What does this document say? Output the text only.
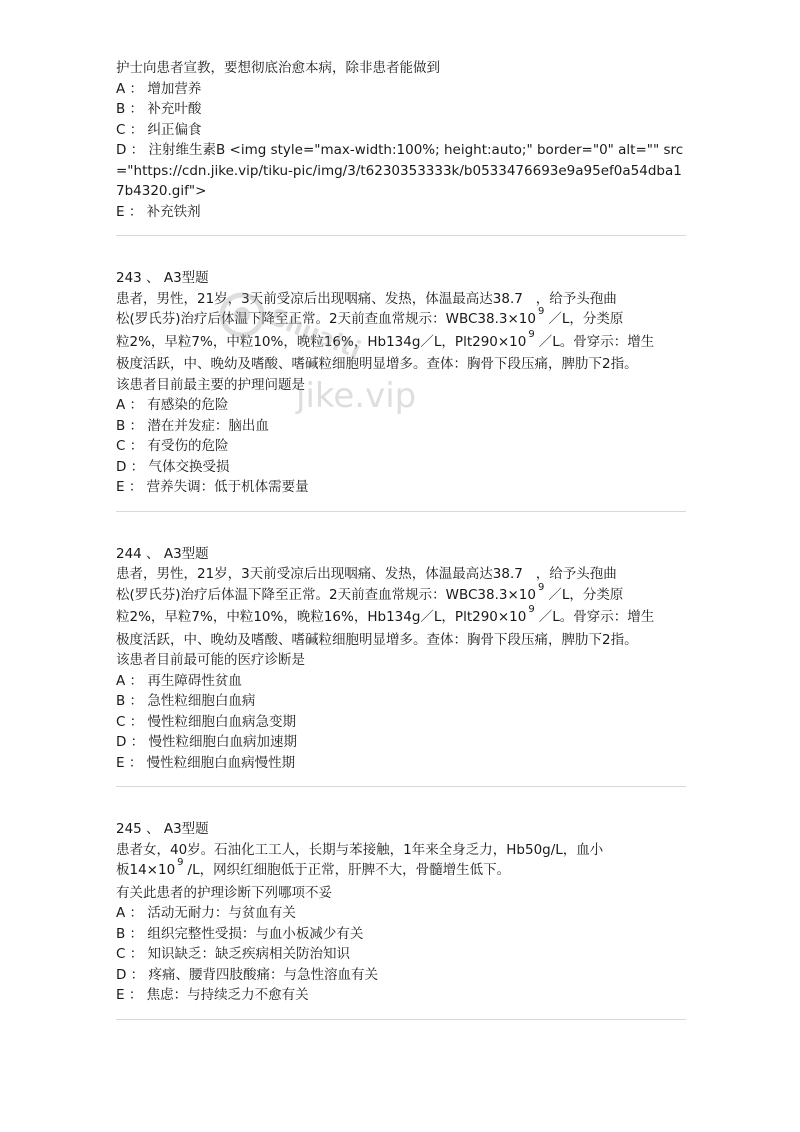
护士向患者宣教，要想彻底治愈本病，除非患者能做到
A ： 增加营养
B ： 补充叶酸
C ： 纠正偏食
D ： 注射维生素B <img style="max-width:100%; height:auto;" border="0" alt="" src="https://cdn.jike.vip/tiku-pic/img/3/t6230353333k/b0533476693e9a95ef0a54dba17b4320.gif">
E ： 补充铁剂
243 、 A3型题
患者，男性，21岁，3天前受凉后出现咽痛、发热，体温最高达38.7 ，给予头孢曲
松(罗氏芬)治疗后体温下降至正常。2天前查血常规示：WBC38.3×10 $^9$ ／L，分类原
粒2%，早粒7%，中粒10%，晚粒16%，Hb134g／L，Plt290×10 $^9$ ／L。骨穿示：增生
极度活跃，中、晚幼及嗜酸、嗜碱粒细胞明显增多。查体：胸骨下段压痛，脾肋下2指。
该患者目前最主要的护理问题是
A ： 有感染的危险
B ： 潜在并发症：脑出血
C ： 有受伤的危险
D ： 气体交换受损
E ： 营养失调：低于机体需要量
244 、 A3型题
患者，男性，21岁，3天前受凉后出现咽痛、发热，体温最高达38.7 ，给予头孢曲
松(罗氏芬)治疗后体温下降至正常。2天前查血常规示：WBC38.3×10 $^9$ ／L，分类原
粒2%，早粒7%，中粒10%，晚粒16%，Hb134g／L，Plt290×10 $^9$ ／L。骨穿示：增生
极度活跃，中、晚幼及嗜酸、嗜碱粒细胞明显增多。查体：胸骨下段压痛，脾肋下2指。
该患者目前最可能的医疗诊断是
A ： 再生障碍性贫血
B ： 急性粒细胞白血病
C ： 慢性粒细胞白血病急变期
D ： 慢性粒细胞白血病加速期
E ： 慢性粒细胞白血病慢性期
245 、 A3型题
患者女，40岁。石油化工工人，长期与苯接触，1年来全身乏力，Hb50g/L，血小
板14×10 $^9$ /L，网织红细胞低于正常，肝脾不大，骨髓增生低下。
有关此患者的护理诊断下列哪项不妥
A ： 活动无耐力：与贫血有关
B ： 组织完整性受损：与血小板减少有关
C ： 知识缺乏：缺乏疾病相关防治知识
D ： 疼痛、腰背四肢酸痛：与急性溶血有关
E ： 焦虑：与持续乏力不愈有关
Shuaiti
jike.vip
